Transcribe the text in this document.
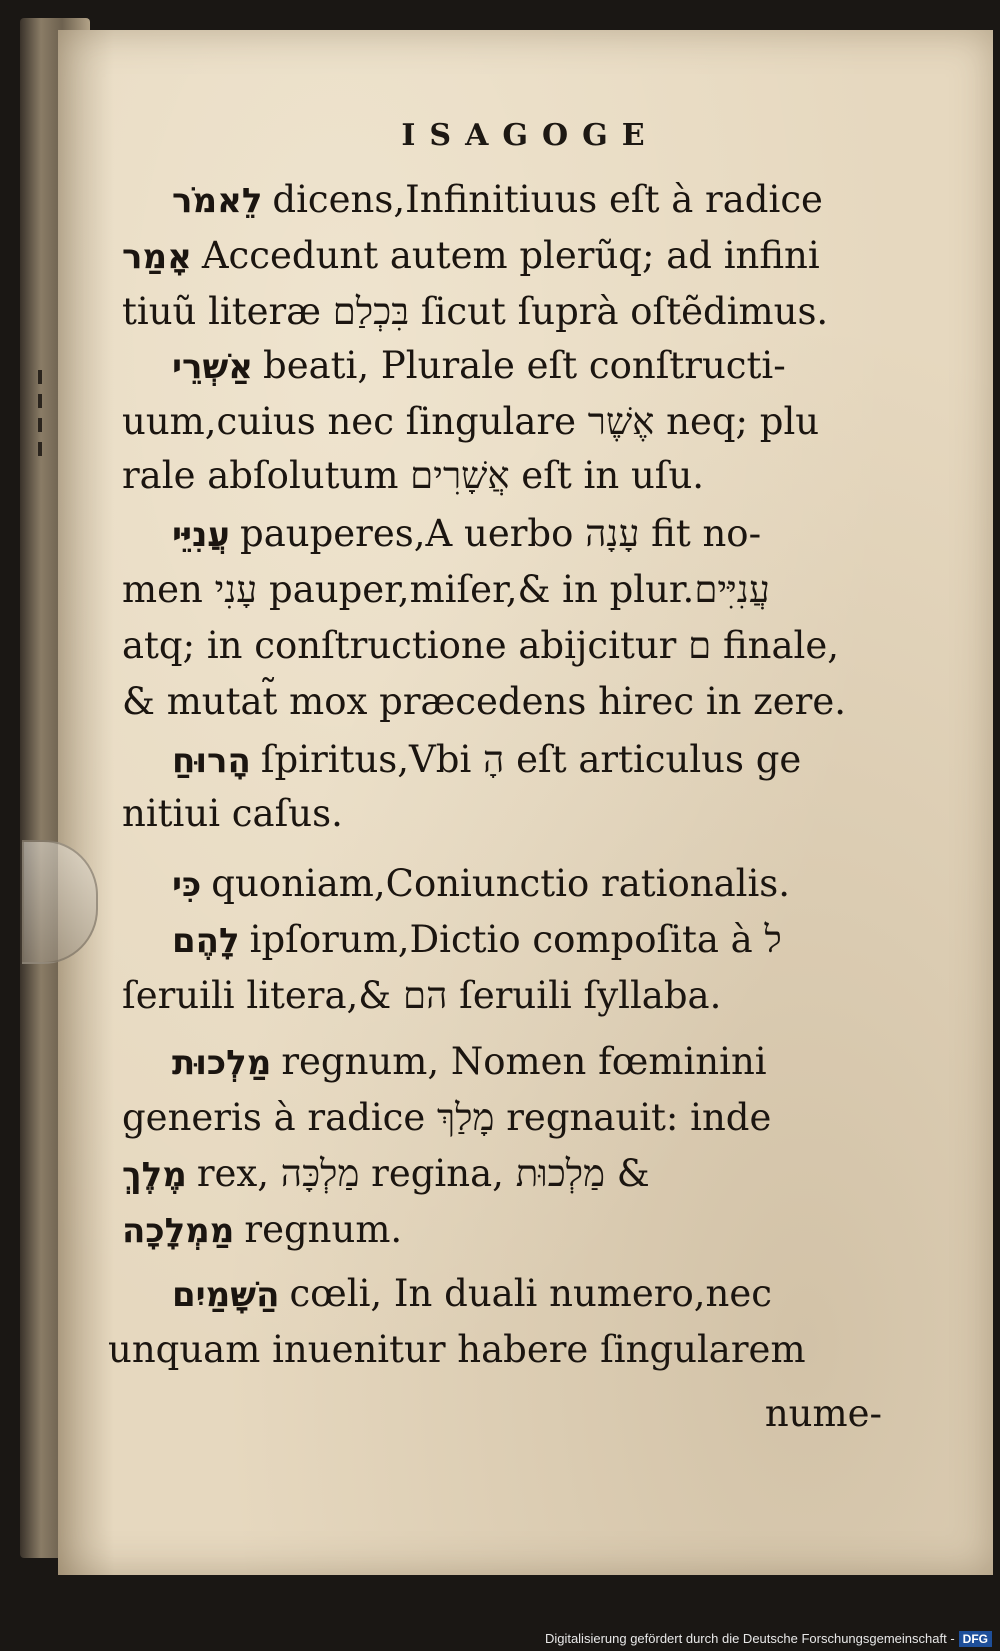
ISAGOGE
לֵאמֹר dicens,Infinitiuus eſt à radice
אָמַר Accedunt autem plerũq; ad infini
tiuũ literæ בִּכְלַם ſicut ſuprà oſtẽdimus.
אַשְׁרֵי beati, Plurale eſt conſtructi-
uum,cuius nec ſingulare אֶשֶׁר neq; plu
rale abſolutum אֲשָׁרִים eſt in uſu.
עֲנִיֵּי pauperes,A uerbo עָנָה fit no-
men עָנִי pauper,miſer,& in plur.עֲנִיִּים
atq; in conſtructione abijcitur ם finale,
& mutat̃ mox præcedens hirec in zere.
הָרוּחַ ſpiritus,Vbi הָ eſt articulus ge
nitiui caſus.
כִּי quoniam,Coniunctio rationalis.
לָהֶם ipſorum,Dictio compoſita à ל
ſeruili litera,& הם ſeruili ſyllaba.
מַלְכוּת regnum, Nomen fœminini
generis à radice מָלַךְ regnauit: inde
מֶלֶךְ rex, מַלְכָּה regina, מַלְכוּת &
מַמְלָכָה regnum.
הַשָּׁמַיִם cœli, In duali numero,nec
unquam inuenitur habere ſingularem
nume-
Digitalisierung gefördert durch die Deutsche Forschungsgemeinschaft - DFG
